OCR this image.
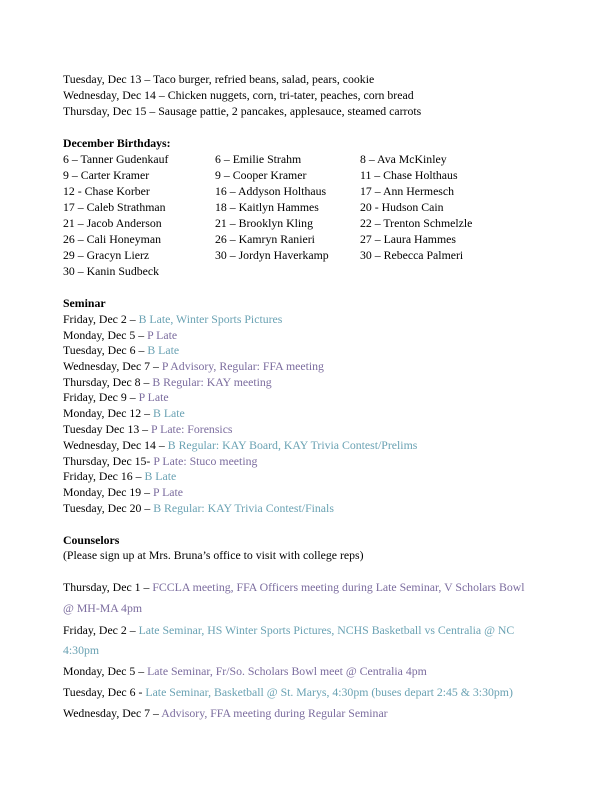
Tuesday, Dec 13 – Taco burger, refried beans, salad, pears, cookie
Wednesday, Dec 14 – Chicken nuggets, corn, tri-tater, peaches, corn bread
Thursday, Dec 15 – Sausage pattie, 2 pancakes, applesauce, steamed carrots
December Birthdays:
6 – Tanner Gudenkauf	6 – Emilie Strahm	8 – Ava McKinley
9 – Carter Kramer	9 – Cooper Kramer	11 – Chase Holthaus
12 - Chase Korber	16 – Addyson Holthaus	17 – Ann Hermesch
17 – Caleb Strathman	18 – Kaitlyn Hammes	20 - Hudson Cain
21 – Jacob Anderson	21 – Brooklyn Kling	22 – Trenton Schmelzle
26 – Cali Honeyman	26 – Kamryn Ranieri	27 – Laura Hammes
29 – Gracyn Lierz	30 – Jordyn Haverkamp	30 – Rebecca Palmeri
30 – Kanin Sudbeck
Seminar
Friday, Dec 2 – B Late, Winter Sports Pictures
Monday, Dec 5 – P Late
Tuesday, Dec 6 – B Late
Wednesday, Dec 7 – P Advisory, Regular: FFA meeting
Thursday, Dec 8 – B Regular: KAY meeting
Friday, Dec 9 – P Late
Monday, Dec 12 – B Late
Tuesday Dec 13 – P Late: Forensics
Wednesday, Dec 14 – B Regular: KAY Board, KAY Trivia Contest/Prelims
Thursday, Dec 15- P Late: Stuco meeting
Friday, Dec 16 – B Late
Monday, Dec 19 – P Late
Tuesday, Dec 20 – B Regular: KAY Trivia Contest/Finals
Counselors
(Please sign up at Mrs. Bruna’s office to visit with college reps)
Thursday, Dec 1 – FCCLA meeting, FFA Officers meeting during Late Seminar, V Scholars Bowl
@ MH-MA 4pm
Friday, Dec 2 – Late Seminar, HS Winter Sports Pictures, NCHS Basketball vs Centralia @ NC
4:30pm
Monday, Dec 5 – Late Seminar, Fr/So. Scholars Bowl meet @ Centralia 4pm
Tuesday, Dec 6 - Late Seminar, Basketball @ St. Marys, 4:30pm (buses depart 2:45 & 3:30pm)
Wednesday, Dec 7 – Advisory, FFA meeting during Regular Seminar
